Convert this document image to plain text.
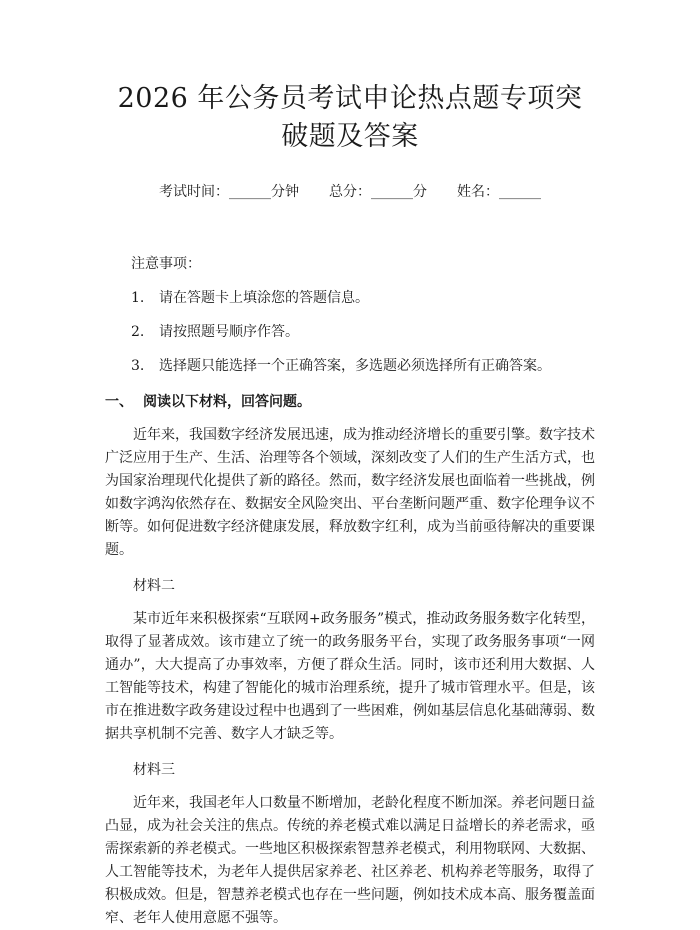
2026 年公务员考试申论热点题专项突破题及答案
考试时间：______分钟 总分：______分 姓名：______
注意事项：
1.	请在答题卡上填涂您的答题信息。
2.	请按照题号顺序作答。
3.	选择题只能选择一个正确答案，多选题必须选择所有正确答案。
一、 阅读以下材料，回答问题。

近年来，我国数字经济发展迅速，成为推动经济增长的重要引擎。数字技术广泛应用于生产、生活、治理等各个领域，深刻改变了人们的生产生活方式，也为国家治理现代化提供了新的路径。然而，数字经济发展也面临着一些挑战，例如数字鸿沟依然存在、数据安全风险突出、平台垄断问题严重、数字伦理争议不断等。如何促进数字经济健康发展，释放数字红利，成为当前亟待解决的重要课题。

材料二

某市近年来积极探索“互联网+政务服务”模式，推动政务服务数字化转型，取得了显著成效。该市建立了统一的政务服务平台，实现了政务服务事项“一网通办”，大大提高了办事效率，方便了群众生活。同时，该市还利用大数据、人工智能等技术，构建了智能化的城市治理系统，提升了城市管理水平。但是，该市在推进数字政务建设过程中也遇到了一些困难，例如基层信息化基础薄弱、数据共享机制不完善、数字人才缺乏等。

材料三

近年来，我国老年人口数量不断增加，老龄化程度不断加深。养老问题日益凸显，成为社会关注的焦点。传统的养老模式难以满足日益增长的养老需求，亟需探索新的养老模式。一些地区积极探索智慧养老模式，利用物联网、大数据、人工智能等技术，为老年人提供居家养老、社区养老、机构养老等服务，取得了积极成效。但是，智慧养老模式也存在一些问题，例如技术成本高、服务覆盖面窄、老年人使用意愿不强等。
